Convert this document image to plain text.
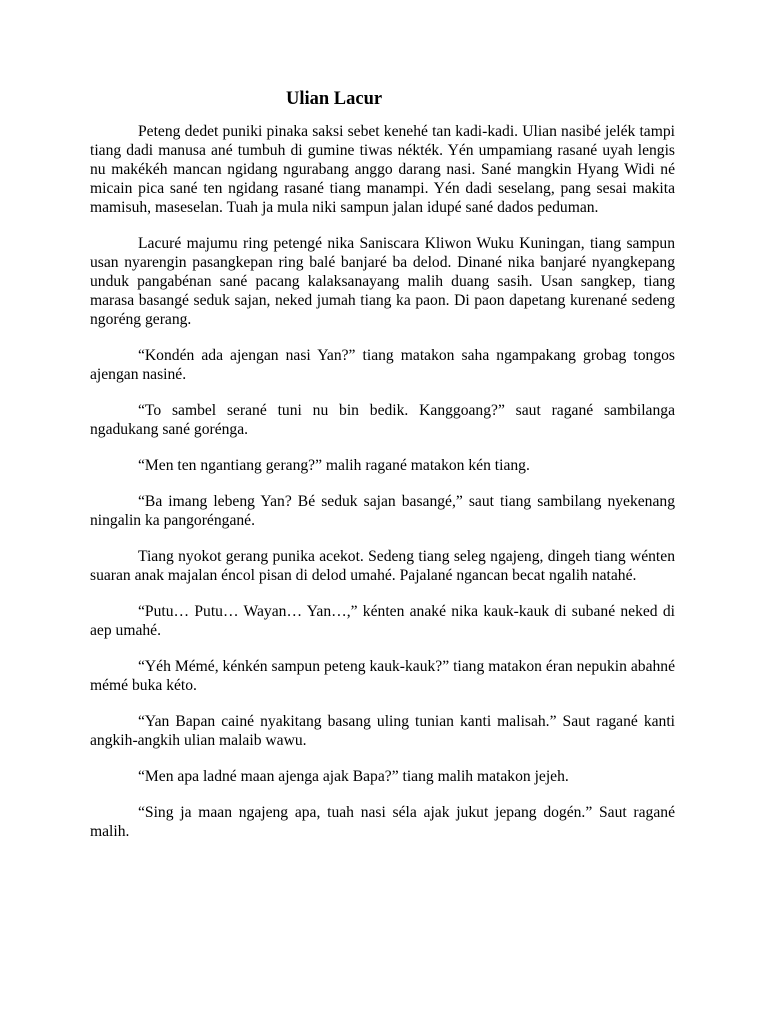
Ulian Lacur

Peteng dedet puniki pinaka saksi sebet kenehé tan kadi-kadi. Ulian nasibé jelék tampi tiang dadi manusa ané tumbuh di gumine tiwas nékték. Yén umpamiang rasané uyah lengis nu makékéh mancan ngidang ngurabang anggo darang nasi. Sané mangkin Hyang Widi né micain pica sané ten ngidang rasané tiang manampi. Yén dadi seselang, pang sesai makita mamisuh, maseselan. Tuah ja mula niki sampun jalan idupé sané dados peduman.

Lacuré majumu ring petengé nika Saniscara Kliwon Wuku Kuningan, tiang sampun usan nyarengin pasangkepan ring balé banjaré ba delod. Dinané nika banjaré nyangkepang unduk pangabénan sané pacang kalaksanayang malih duang sasih. Usan sangkep, tiang marasa basangé seduk sajan, neked jumah tiang ka paon. Di paon dapetang kurenané sedeng ngoréng gerang.

“Kondén ada ajengan nasi Yan?” tiang matakon saha ngampakang grobag tongos ajengan nasiné.

“To sambel serané tuni nu bin bedik. Kanggoang?” saut ragané sambilanga ngadukang sané goréngа.

“Men ten ngantiang gerang?” malih ragané matakon kén tiang.

“Ba imang lebeng Yan? Bé seduk sajan basangé,” saut tiang sambilang nyekenang ningalin ka pangoréngané.

Tiang nyokot gerang punika acekot. Sedeng tiang seleg ngajeng, dingeh tiang wénten suaran anak majalan éncol pisan di delod umahé. Pajalané ngancan becat ngalih natahé.

“Putu… Putu… Wayan… Yan…,” kénten anaké nika kauk-kauk di subané neked di aep umahé.

“Yéh Mémé, kénkén sampun peteng kauk-kauk?” tiang matakon éran nepukin abahné mémé buka kéto.

“Yan Bapan cainé nyakitang basang uling tunian kanti malisah.” Saut ragané kanti angkih-angkih ulian malaib wawu.

“Men apa ladné maan ajenga ajak Bapa?” tiang malih matakon jejeh.

“Sing ja maan ngajeng apa, tuah nasi séla ajak jukut jepang dogén.” Saut ragané malih.
